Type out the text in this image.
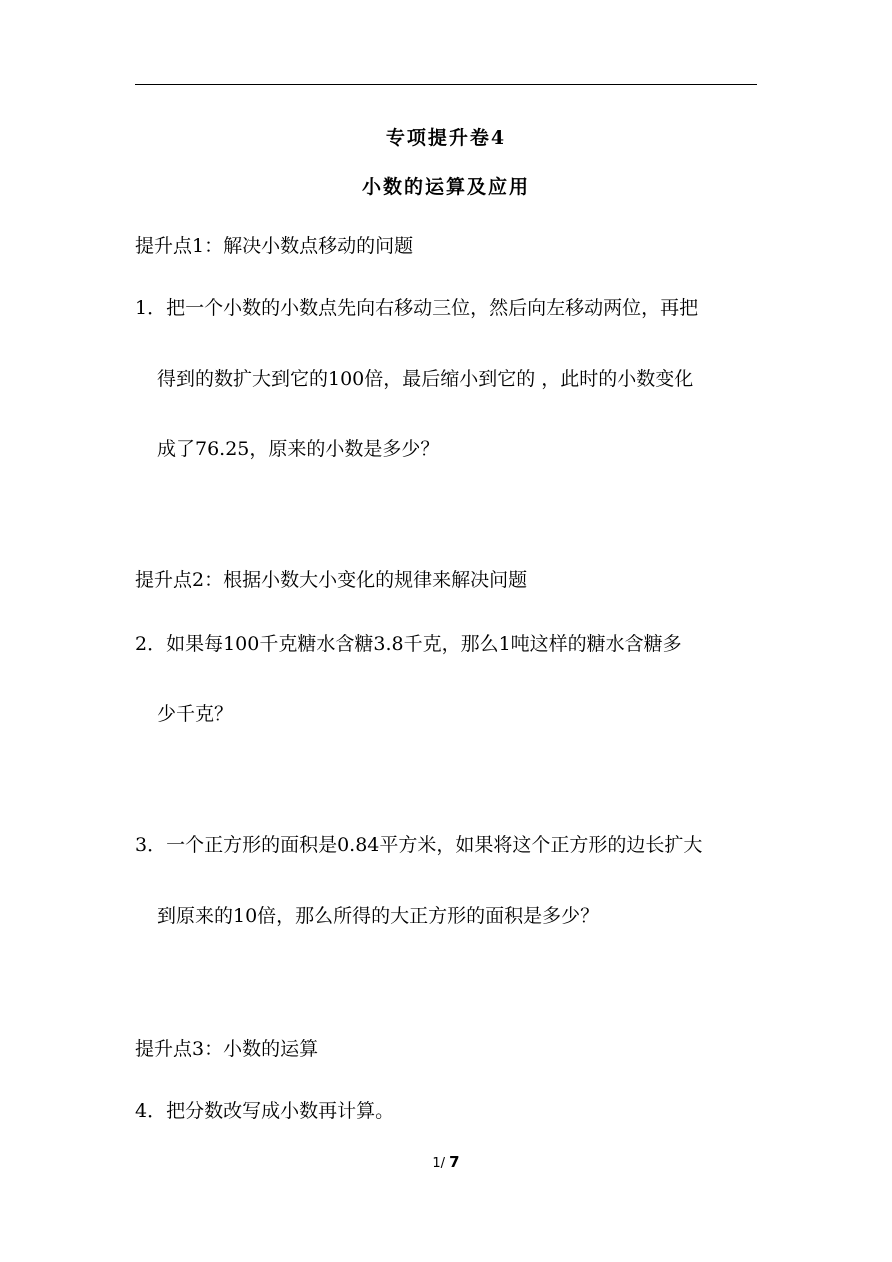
专项提升卷4
小数的运算及应用
提升点1：解决小数点移动的问题
1．把一个小数的小数点先向右移动三位，然后向左移动两位，再把
得到的数扩大到它的100倍，最后缩小到它的 ，此时的小数变化
成了76.25，原来的小数是多少？
提升点2：根据小数大小变化的规律来解决问题
2．如果每100千克糖水含糖3.8千克，那么1吨这样的糖水含糖多
少千克？
3．一个正方形的面积是0.84平方米，如果将这个正方形的边长扩大
到原来的10倍，那么所得的大正方形的面积是多少？
提升点3：小数的运算
4．把分数改写成小数再计算。
1/ 7
